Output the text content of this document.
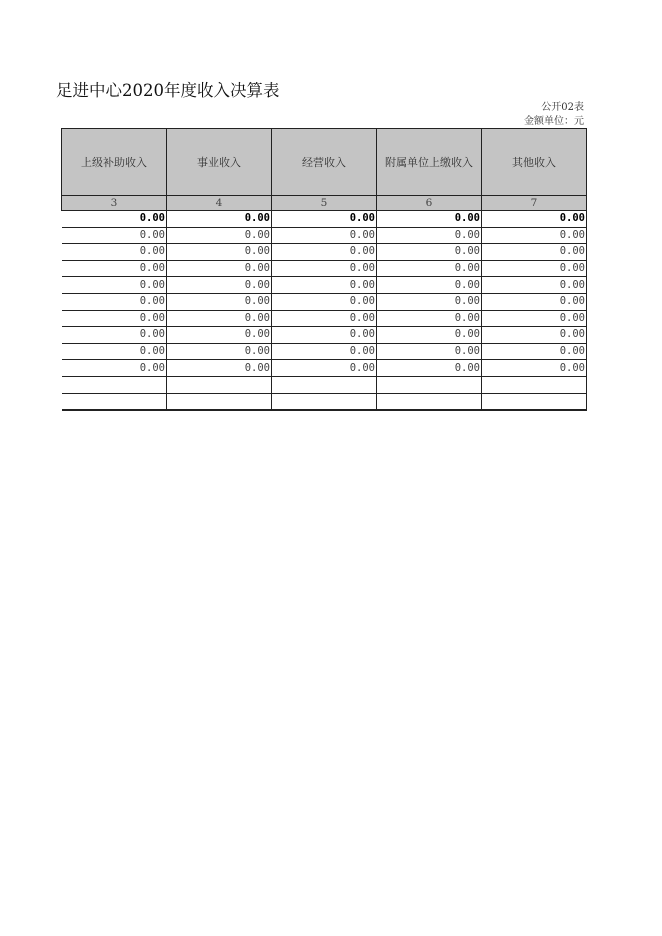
足进中心2020年度收入决算表
公开02表
金额单位：元
上级补助收入	事业收入	经营收入	附属单位上缴收入	其他收入
3	4	5	6	7
0.00	0.00	0.00	0.00	0.00
0.00	0.00	0.00	0.00	0.00
0.00	0.00	0.00	0.00	0.00
0.00	0.00	0.00	0.00	0.00
0.00	0.00	0.00	0.00	0.00
0.00	0.00	0.00	0.00	0.00
0.00	0.00	0.00	0.00	0.00
0.00	0.00	0.00	0.00	0.00
0.00	0.00	0.00	0.00	0.00
0.00	0.00	0.00	0.00	0.00
